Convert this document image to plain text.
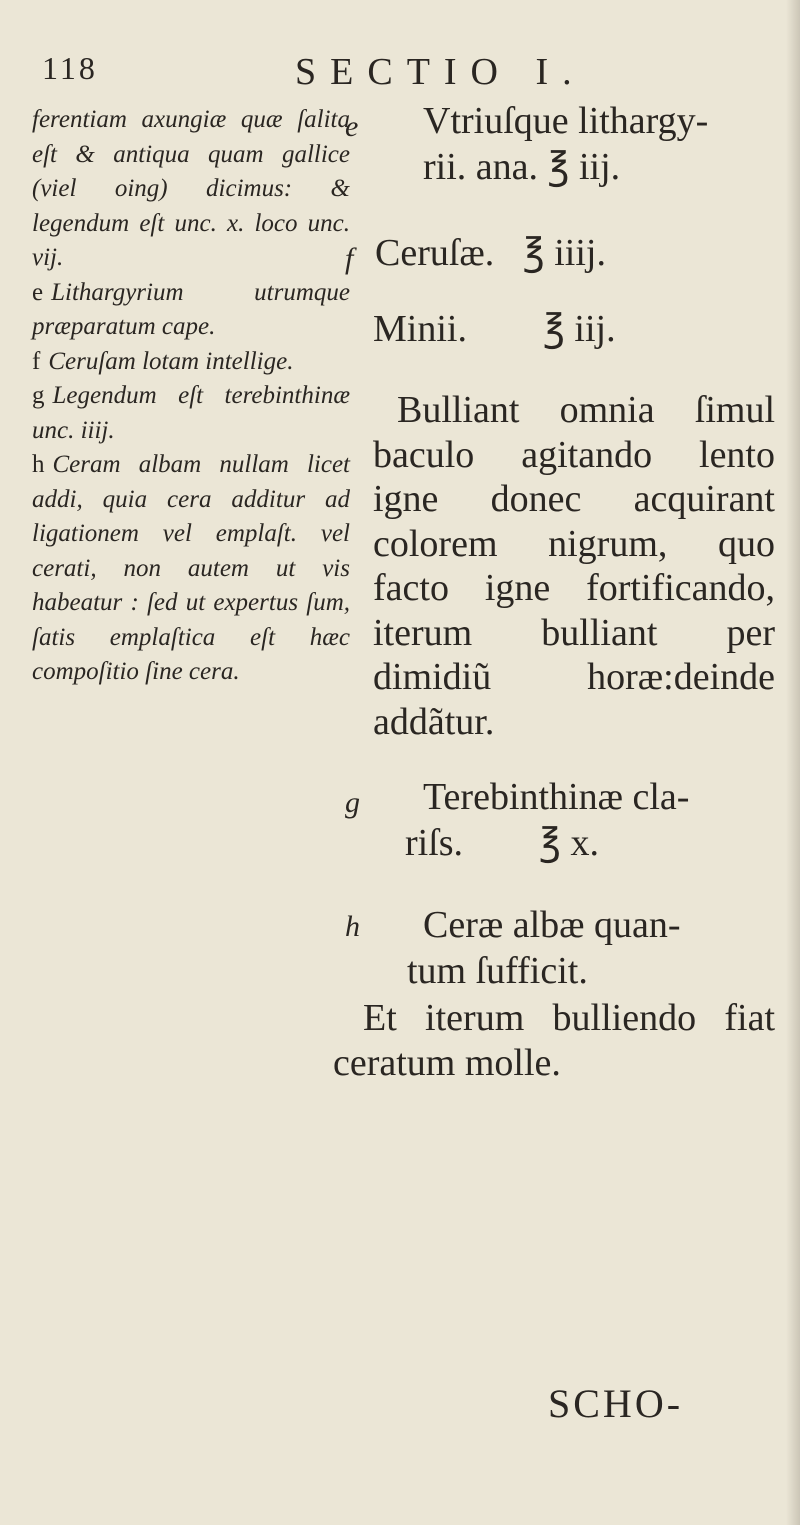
118	SECTIO I.

ferentiam axungiæ quæ ſalita eſt & antiqua quam gallice (viel oing) dicimus: & legendum eſt unc. x. loco unc. vij.

e Lithargyrium utrumque præparatum cape.

f Ceruſam lotam intellige.

g Legendum eſt terebinthinæ unc. iiij.

h Ceram albam nullam licet addi, quia cera additur ad ligationem vel emplaſt. vel cerati, non autem ut vis habeatur : ſed ut expertus ſum, ſatis emplaſtica eſt hæc compoſitio ſine cera.

e Vtriuſque lithargy-
rii. ana. ℥ iij.
f Ceruſæ.   ℥ iiij.
Minii.        ℥ iij.
Bulliant omnia ſimul baculo agitando lento igne donec acquirant colorem nigrum, quo facto igne fortificando, iterum bulliant per dimidiũ horæ:deinde addãtur.
g Terebinthinæ cla-
riſs.        ℥ x.
h Ceræ albæ quan-
tum ſufficit.
Et iterum bulliendo fiat ceratum molle.
SCHO-
